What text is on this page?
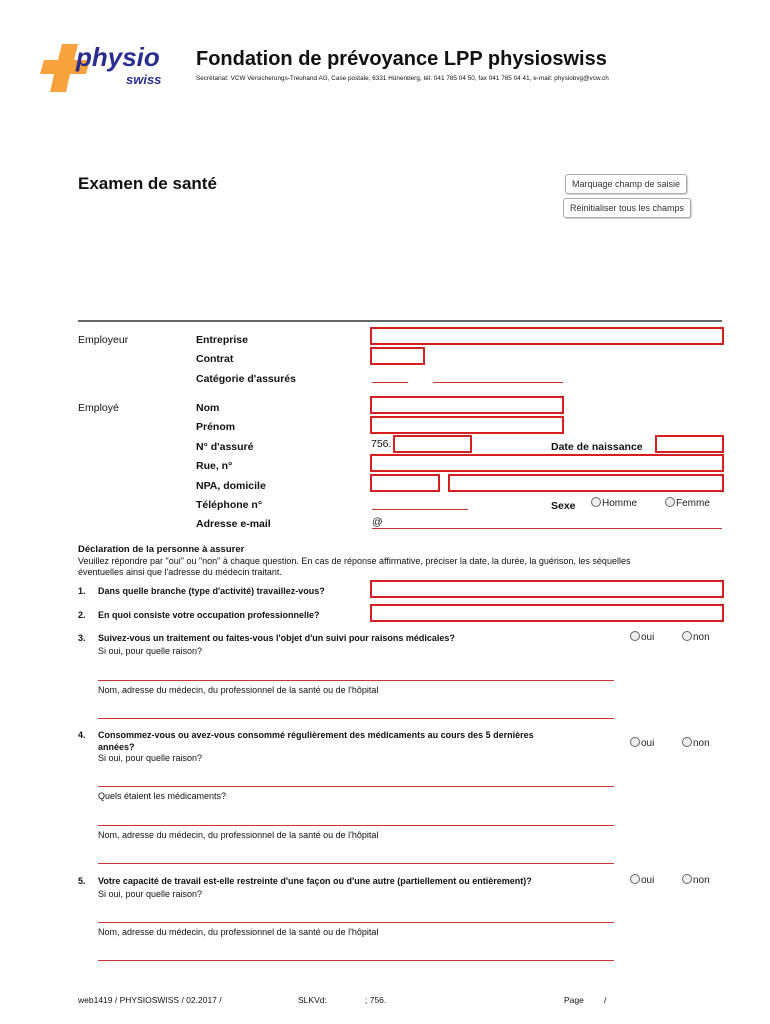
physio
swiss
Fondation de prévoyance LPP physioswiss
Secrétariat: VCW Versicherungs-Treuhand AG, Case postale, 6331 Hünenberg, tél. 041 785 04 50, fax 041 785 04 41, e-mail: physiobvg@vcw.ch
Examen de santé	Marquage champ de saisie
Réinitialiser tous les champs
Employeur	Entreprise
Contrat
Catégorie d'assurés
Employé	Nom
Prénom
N° d'assuré	756.	Date de naissance
Rue, n°
NPA, domicile
Téléphone n°	Sexe	Homme	Femme
Adresse e-mail	@
Déclaration de la personne à assurer
Veuillez répondre par "oui" ou "non" à chaque question. En cas de réponse affirmative, préciser la date, la durée, la guérison, les séquelles
éventuelles ainsi que l'adresse du médecin traitant.
1. Dans quelle branche (type d'activité) travaillez-vous?
2. En quoi consiste votre occupation professionnelle?
3. Suivez-vous un traitement ou faites-vous l'objet d'un suivi pour raisons médicales?	oui	non
Si oui, pour quelle raison?
Nom, adresse du médecin, du professionnel de la santé ou de l'hôpital
4. Consommez-vous ou avez-vous consommé régulièrement des médicaments au cours des 5 dernières
années?	oui	non
Si oui, pour quelle raison?
Quels étaient les médicaments?
Nom, adresse du médecin, du professionnel de la santé ou de l'hôpital
5. Votre capacité de travail est-elle restreinte d'une façon ou d'une autre (partiellement ou entièrement)?	oui	non
Si oui, pour quelle raison?
Nom, adresse du médecin, du professionnel de la santé ou de l'hôpital
web1419 / PHYSIOSWISS / 02.2017 /	SLKVd:	; 756.	Page /
